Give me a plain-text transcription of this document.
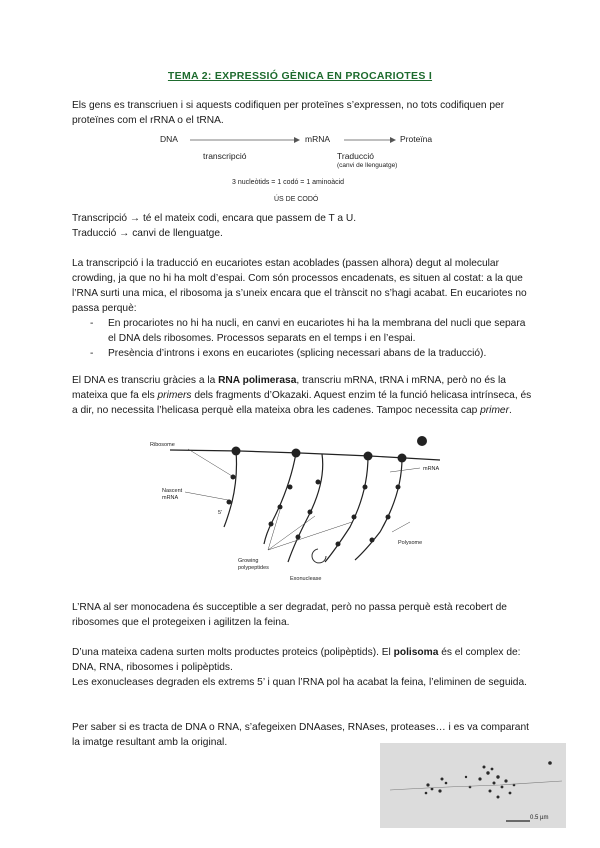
TEMA 2: EXPRESSIÓ GÈNICA EN PROCARIOTES I

Els gens es transcriuen i si aquests codifiquen per proteïnes s’expressen, no tots codifiquen per proteïnes com el rRNA o el tRNA.

DNA	mRNA	Proteïna
transcripció	Traducció
(canvi de llenguatge)
3 nucleòtids = 1 codó = 1 aminoàcid
ÚS DE CODÓ

Transcripció → té el mateix codi, encara que passem de T a U.

Traducció → canvi de llenguatge.

La transcripció i la traducció en eucariotes estan acoblades (passen alhora) degut al molecular crowding, ja que no hi ha molt d’espai. Com són processos encadenats, es situen al costat: a la que l’RNA surti una mica, el ribosoma ja s’uneix encara que el trànscit no s’hagi acabat. En eucariotes no passa perquè:

- En procariotes no hi ha nucli, en canvi en eucariotes hi ha la membrana del nucli que separa el DNA dels ribosomes. Processos separats en el temps i en l’espai.
- Presència d’introns i exons en eucariotes (splicing necessari abans de la traducció).

El DNA es transcriu gràcies a la RNA polimerasa, transcriu mRNA, tRNA i mRNA, però no és la mateixa que fa els primers dels fragments d’Okazaki. Aquest enzim té la funció helicasa intrínseca, és a dir, no necessita l’helicasa perquè ella mateixa obra les cadenes. Tampoc necessita cap primer.

Ribosome
mRNA
Nascent
mRNA
5'
Polysome
Growing
polypeptides
Exonuclease

L’RNA al ser monocadena és succeptible a ser degradat, però no passa perquè està recobert de ribosomes que el protegeixen i agilitzen la feina.

D’una mateixa cadena surten molts productes proteics (polipèptids). El polisoma és el complex de: DNA, RNA, ribosomes i polipèptids.

Les exonucleases degraden els extrems 5’ i quan l’RNA pol ha acabat la feina, l’eliminen de seguida.

Per saber si es tracta de DNA o RNA, s’afegeixen DNAases, RNAses, proteases… i es va comparant la imatge resultant amb la original.

0.5 µm
